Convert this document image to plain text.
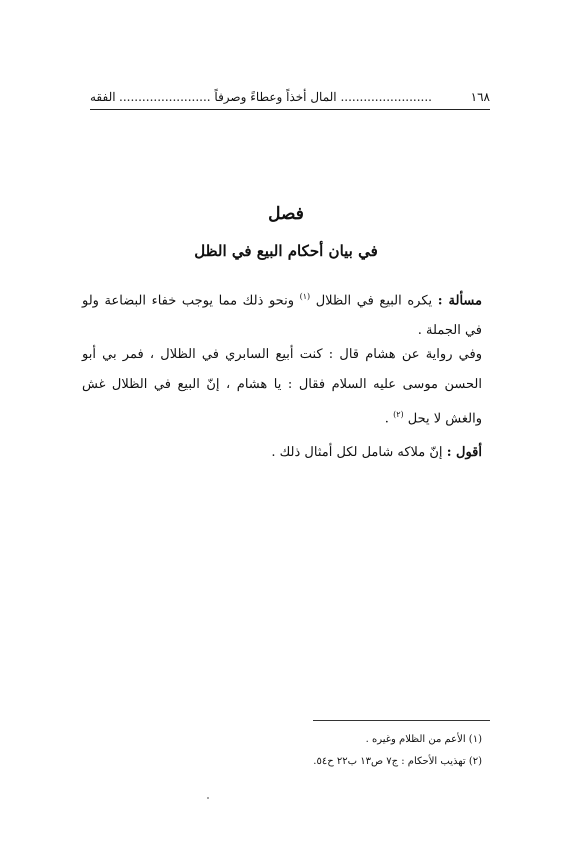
١٦٨
........................ المال أخذاً وعطاءً وصرفاً ........................
الفقه
فصل
في بيان أحكام البيع في الظل
مسألة : يكره البيع في الظلال $^{(١)}$ ونحو ذلك مما يوجب خفاء البضاعة ولو في الجملة .
وفي رواية عن هشام قال : كنت أبيع السابري في الظلال ، فمر بي أبو الحسن موسى عليه السلام فقال : يا هشام ، إنّ البيع في الظلال غش والغش لا يحل $^{(٢)}$ .
أقول : إنّ ملاكه شامل لكل أمثال ذلك .
(١) الأعم من الظلام وغيره .
(٢) تهذيب الأحكام : ج٧ ص١٣ ب٢٢ ح٥٤.
